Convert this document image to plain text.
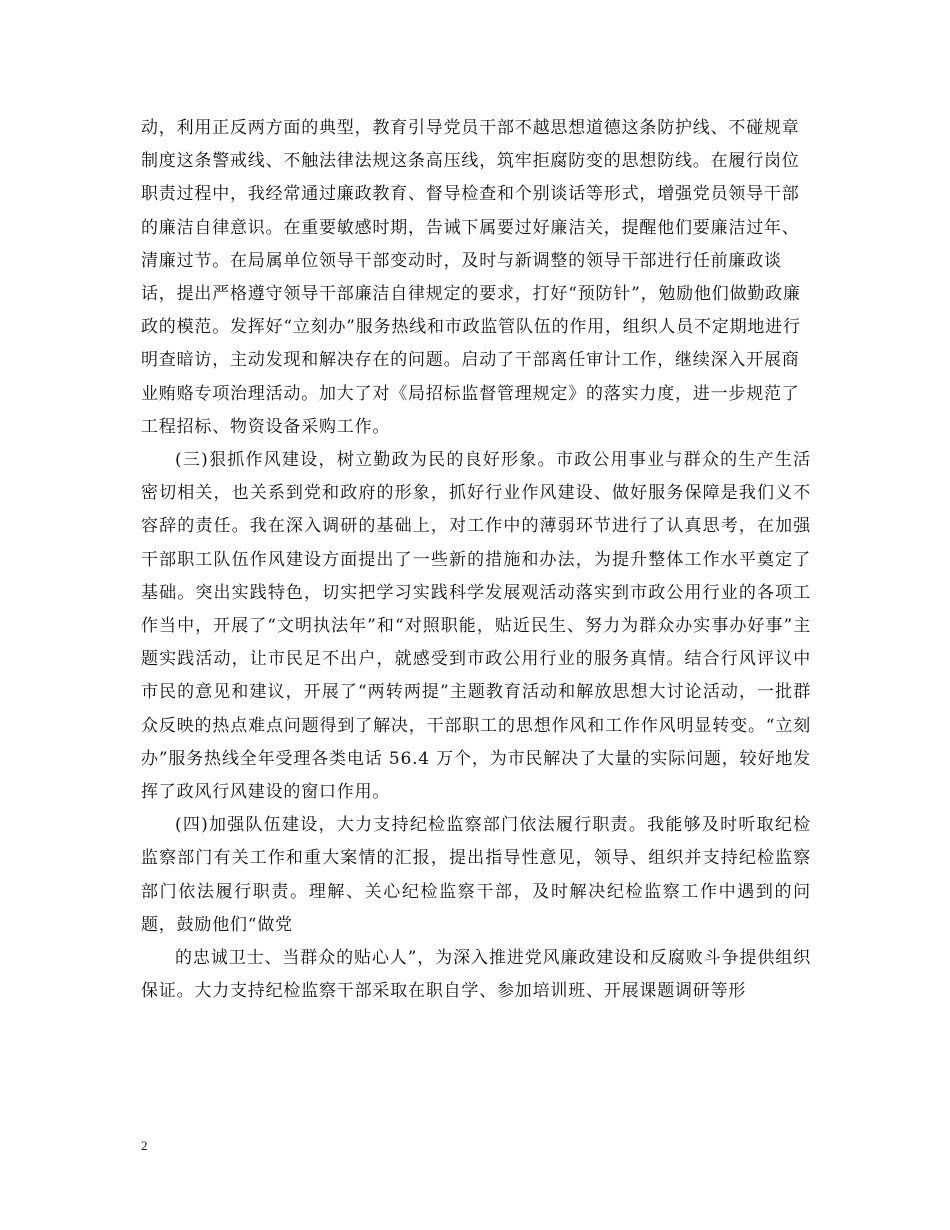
动，利用正反两方面的典型，教育引导党员干部不越思想道德这条防护线、不碰规章制度这条警戒线、不触法律法规这条高压线，筑牢拒腐防变的思想防线。在履行岗位职责过程中，我经常通过廉政教育、督导检查和个别谈话等形式，增强党员领导干部的廉洁自律意识。在重要敏感时期，告诫下属要过好廉洁关，提醒他们要廉洁过年、清廉过节。在局属单位领导干部变动时，及时与新调整的领导干部进行任前廉政谈话，提出严格遵守领导干部廉洁自律规定的要求，打好“预防针”，勉励他们做勤政廉政的模范。发挥好“立刻办”服务热线和市政监管队伍的作用，组织人员不定期地进行明查暗访，主动发现和解决存在的问题。启动了干部离任审计工作，继续深入开展商业贿赂专项治理活动。加大了对《局招标监督管理规定》的落实力度，进一步规范了工程招标、物资设备采购工作。

(三)狠抓作风建设，树立勤政为民的良好形象。市政公用事业与群众的生产生活密切相关，也关系到党和政府的形象，抓好行业作风建设、做好服务保障是我们义不容辞的责任。我在深入调研的基础上，对工作中的薄弱环节进行了认真思考，在加强干部职工队伍作风建设方面提出了一些新的措施和办法，为提升整体工作水平奠定了基础。突出实践特色，切实把学习实践科学发展观活动落实到市政公用行业的各项工作当中，开展了“文明执法年”和“对照职能，贴近民生、努力为群众办实事办好事”主题实践活动，让市民足不出户，就感受到市政公用行业的服务真情。结合行风评议中市民的意见和建议，开展了“两转两提”主题教育活动和解放思想大讨论活动，一批群众反映的热点难点问题得到了解决，干部职工的思想作风和工作作风明显转变。“立刻办”服务热线全年受理各类电话 56.4 万个，为市民解决了大量的实际问题，较好地发挥了政风行风建设的窗口作用。

(四)加强队伍建设，大力支持纪检监察部门依法履行职责。我能够及时听取纪检监察部门有关工作和重大案情的汇报，提出指导性意见，领导、组织并支持纪检监察部门依法履行职责。理解、关心纪检监察干部，及时解决纪检监察工作中遇到的问题，鼓励他们“做党

的忠诚卫士、当群众的贴心人”，为深入推进党风廉政建设和反腐败斗争提供组织保证。大力支持纪检监察干部采取在职自学、参加培训班、开展课题调研等形

2
